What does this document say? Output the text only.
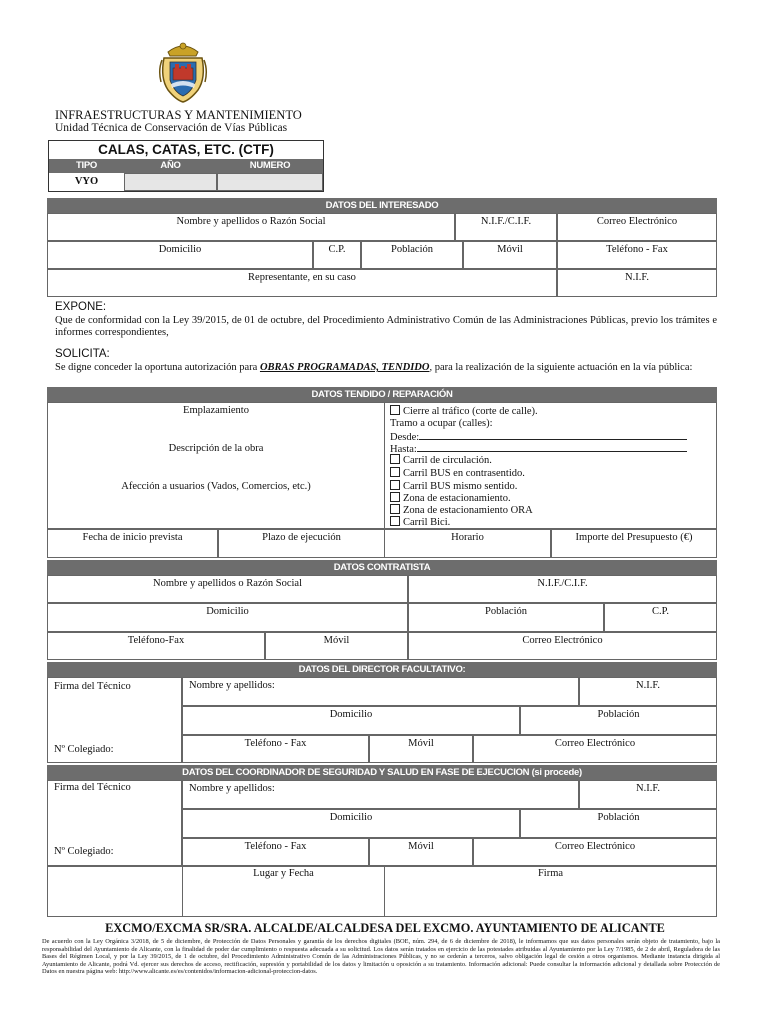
INFRAESTRUCTURAS Y MANTENIMIENTO
Unidad Técnica de Conservación de Vías Públicas
CALAS, CATAS, ETC. (CTF)
TIPO	AÑO	NUMERO
VYO
DATOS DEL INTERESADO
Nombre y apellidos o Razón Social	N.I.F./C.I.F.	Correo Electrónico
Domicilio	C.P.	Población	Móvil	Teléfono - Fax
Representante, en su caso	N.I.F.
EXPONE:
Que de conformidad con la Ley 39/2015, de 01 de octubre, del Procedimiento Administrativo Común de las Administraciones Públicas, previo los trámites e informes correspondientes,
SOLICITA:
Se digne conceder la oportuna autorización para OBRAS PROGRAMADAS, TENDIDO, para la realización de la siguiente actuación en la vía pública:
DATOS TENDIDO / REPARACIÓN
Emplazamiento
Descripción de la obra
Afección a usuarios (Vados, Comercios, etc.)
Cierre al tráfico (corte de calle).
Tramo a ocupar (calles):
Desde:
Hasta:
Carril de circulación.
Carril BUS en contrasentido.
Carril BUS mismo sentido.
Zona de estacionamiento.
Zona de estacionamiento ORA
Carril Bici.
Fecha de inicio prevista	Plazo de ejecución	Horario	Importe del Presupuesto (€)
DATOS CONTRATISTA
Nombre y apellidos o Razón Social	N.I.F./C.I.F.
Domicilio	Población	C.P.
Teléfono-Fax	Móvil	Correo Electrónico
DATOS DEL DIRECTOR FACULTATIVO:
Firma del Técnico
Nº Colegiado:
Nombre y apellidos:	N.I.F.
Domicilio	Población
Teléfono - Fax	Móvil	Correo Electrónico
DATOS DEL COORDINADOR DE SEGURIDAD Y SALUD EN FASE DE EJECUCION (si procede)
Firma del Técnico
Nº Colegiado:
Nombre y apellidos:	N.I.F.
Domicilio	Población
Teléfono - Fax	Móvil	Correo Electrónico
Lugar y Fecha	Firma
EXCMO/EXCMA SR/SRA. ALCALDE/ALCALDESA DEL EXCMO. AYUNTAMIENTO DE ALICANTE
De acuerdo con la Ley Orgánica 3/2018, de 5 de diciembre, de Protección de Datos Personales y garantía de los derechos digitales (BOE, núm. 294, de 6 de diciembre de 2018), le informamos que sus datos personales serán objeto de tratamiento, bajo la responsabilidad del Ayuntamiento de Alicante, con la finalidad de poder dar cumplimiento o respuesta adecuada a su solicitud. Los datos serán tratados en ejercicio de las potestades atribuidas al Ayuntamiento por la Ley 7/1985, de 2 de abril, Reguladora de las Bases del Régimen Local, y por la Ley 39/2015, de 1 de octubre, del Procedimiento Administrativo Común de las Administraciones Públicas, y no se cederán a terceros, salvo obligación legal de cesión a otros organismos. Mediante instancia dirigida al Ayuntamiento de Alicante, podrá Vd. ejercer sus derechos de acceso, rectificación, supresión y portabilidad de los datos y limitación u oposición a su tratamiento. Información adicional: Puede consultar la información adicional y detallada sobre Protección de Datos en nuestra página web: http://www.alicante.es/es/contenidos/informacion-adicional-proteccion-datos.
